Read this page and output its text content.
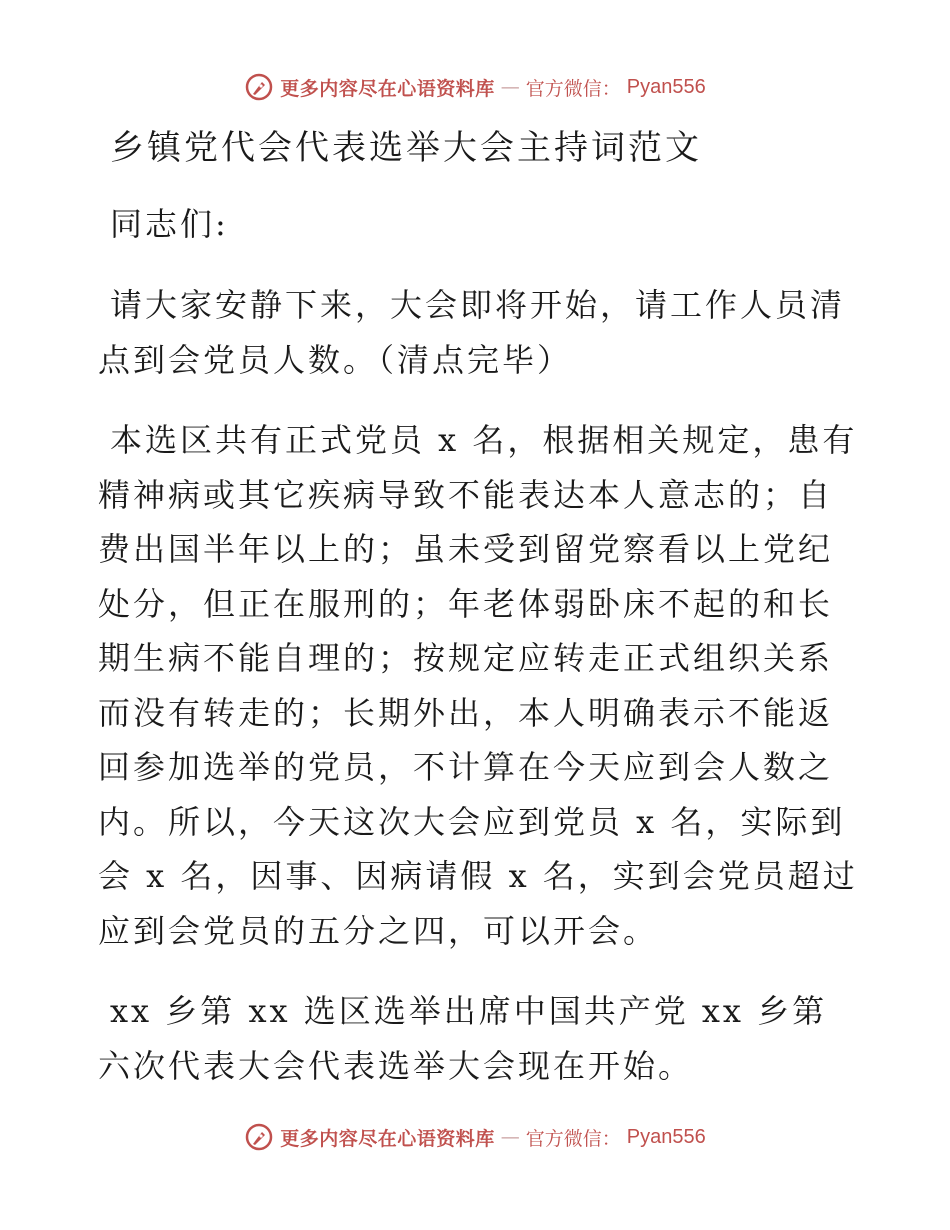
更多内容尽在心语资料库 — 官方微信： Pyan556
乡镇党代会代表选举大会主持词范文

同志们:

请大家安静下来，大会即将开始，请工作人员清点到会党员人数。（清点完毕）

本选区共有正式党员 x 名，根据相关规定，患有精神病或其它疾病导致不能表达本人意志的；自费出国半年以上的；虽未受到留党察看以上党纪处分，但正在服刑的；年老体弱卧床不起的和长期生病不能自理的；按规定应转走正式组织关系而没有转走的；长期外出，本人明确表示不能返回参加选举的党员，不计算在今天应到会人数之内。所以，今天这次大会应到党员 x 名，实际到会 x 名，因事、因病请假 x 名，实到会党员超过应到会党员的五分之四，可以开会。

xx 乡第 xx 选区选举出席中国共产党 xx 乡第六次代表大会代表选举大会现在开始。

更多内容尽在心语资料库 — 官方微信： Pyan556
